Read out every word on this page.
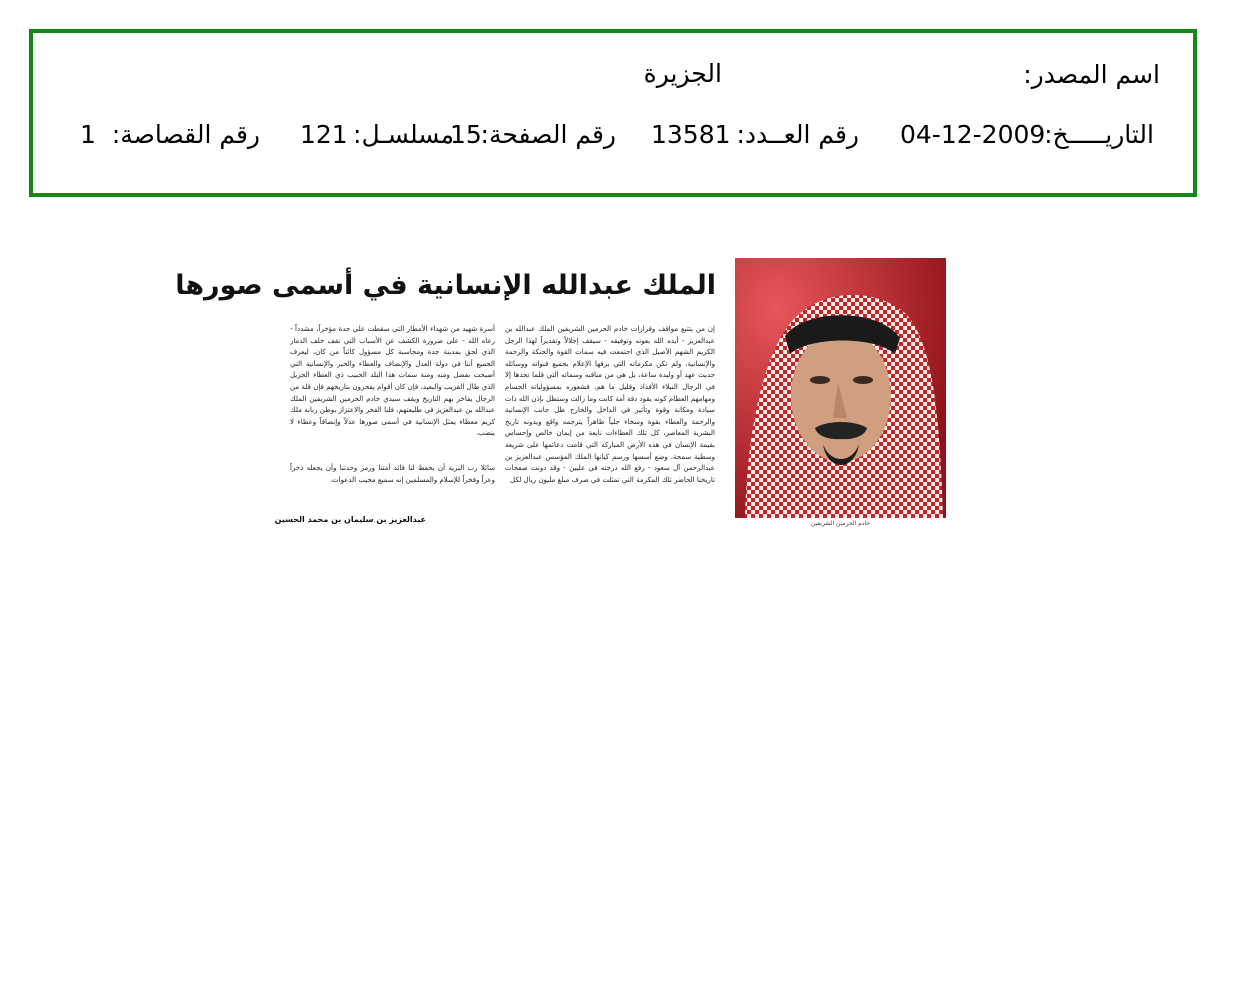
اسم المصدر:
الجزيرة
التاريـــــخ:
04-12-2009
رقم العــدد:
13581
رقم الصفحة:
15
مسلسـل:
121
رقم القصاصة:
1
الملك عبدالله الإنسانية في أسمى صورها
إن من يتتبع مواقف وقرارات خادم الحرمين الشريفين الملك عبدالله بن عبدالعزيز - أيده الله بعونه وتوفيقه - سيقف إجلالاً وتقديراً لهذا الرجل الكريم الشهم الأصيل الذي اجتمعت فيه سمات القوة والحنكة والرحمة والإنسانية، ولم تكن مكرماته التي يزفها الإعلام بجميع قنواته ووسائله حديث عهد أو وليدة ساعة، بل هي من مناقبه وسماته التي قلما تجدها إلا في الرجال النبلاء الأفذاذ وقليل ما هم، فشعوره بمسؤولياته الجسام ومهامهم العظام كونه يقود دفة أمة كانت وما زالت وستظل بإذن الله ذات سيادة ومكانة وقوة وتأثير في الداخل والخارج ظل جانب الإنسانية والرحمة والعطاء بقوة وسخاء جلياً ظاهراً يترجمه واقع ويدونه تاريخ البشرية المعاصر، كل تلك العطاءات نابعة من إيمان خالص وإحساس بقيمة الإنسان في هذه الأرض المباركة التي قامت دعائمها على شريعة وسطية سمحة، وضع أسسها ورسم كيانها الملك المؤسس عبدالعزيز بن عبدالرحمن آل سعود - رفع الله درجته في عليين - وقد دونت صفحات تاريخنا الحاضر تلك المكرمة التي تمثلت في صرف مبلغ مليون ريال لكل
أسرة شهيد من شهداء الأمطار التي سقطت على جدة مؤخراً، مشدداً - رعاه الله - على ضرورة الكشف عن الأسباب التي تقف خلف الدمار الذي لحق بمدينة جدة ومحاسبة كل مسؤول كائناً من كان، ليعرف الجميع أننا في دولة العدل والإنصاف والعطاء والخير والإنسانية التي أصبحت بفضل ومنه ومنة سمات هذا البلد الحبيب ذي العطاء الجزيل الذي طال القريب والبعيد، فإن كان أقوام يفخرون بتاريخهم فإن قلة من الرجال يفاخر بهم التاريخ ويقف سيدي خادم الحرمين الشريفين الملك عبدالله بن عبدالعزيز في طليعتهم، فلنا الفخر والاعتزاز بوطن ربانه ملك كريم معطاء يمثل الإنسانية في أسمى صورها عدلاً وإنصافاً وعطاء لا ينضب.
سائلا رب البرية أن يحفظ لنا قائد أمتنا ورمز وحدتنا وأن يجعله ذخراً وعزاً وفخراً للإسلام والمسلمين إنه سميع مجيب الدعوات.
عبدالعزيز بن سليمان بن محمد الحسين	خادم الحرمين الشريفين
